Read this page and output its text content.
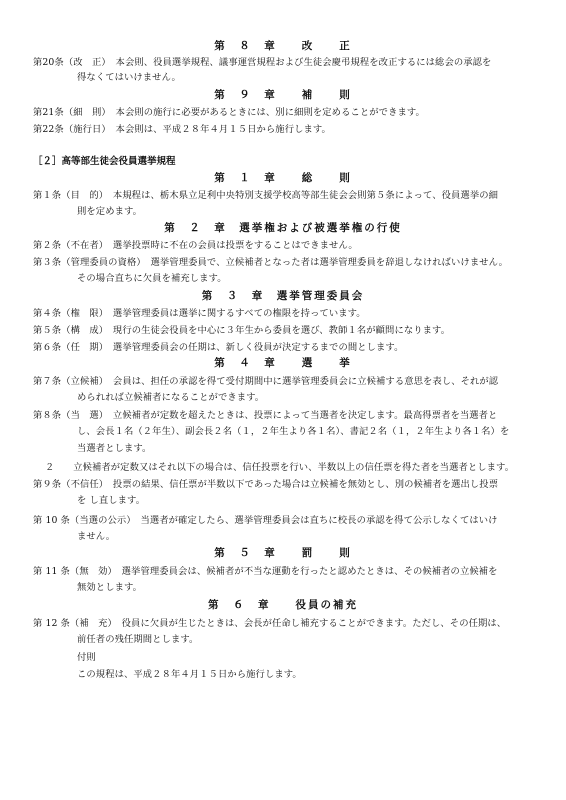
第　８　章　　改　　正
第20条（改　正）　本会則、役員選挙規程、議事運営規程および生徒会慶弔規程を改正するには総会の承認を
得なくてはいけません。
第　９　章　　補　　則
第21条（細　則）　本会則の施行に必要があるときには、別に細則を定めることができます。
第22条（施行日）　本会則は、平成２８年４月１５日から施行します。
［２］高等部生徒会役員選挙規程
第　１　章　　総　　則
第１条（目　的）　本規程は、栃木県立足利中央特別支援学校高等部生徒会会則第５条によって、役員選挙の細
則を定めます。
第　２　章　選挙権および被選挙権の行使
第２条（不在者）　選挙投票時に不在の会員は投票をすることはできません。
第３条（管理委員の資格）　選挙管理委員で、立候補者となった者は選挙管理委員を辞退しなければいけません。
その場合直ちに欠員を補充します。
第　３　章　選挙管理委員会
第４条（権　限）　選挙管理委員は選挙に関するすべての権限を持っています。
第５条（構　成）　現行の生徒会役員を中心に３年生から委員を選び、教師１名が顧問になります。
第６条（任　期）　選挙管理委員会の任期は、新しく役員が決定するまでの間とします。
第　４　章　　選　　挙
第７条（立候補）　会員は、担任の承認を得て受付期間中に選挙管理委員会に立候補する意思を表し、それが認
められれば立候補者になることができます。
第８条（当　選）　立候補者が定数を超えたときは、投票によって当選者を決定します。最高得票者を当選者と
し、会長１名（２年生）、副会長２名（１，２年生より各１名）、書記２名（１，２年生より各１名）を
当選者とします。
２　　立候補者が定数又はそれ以下の場合は、信任投票を行い、半数以上の信任票を得た者を当選者とします。
第９条（不信任）　投票の結果、信任票が半数以下であった場合は立候補を無効とし、別の候補者を選出し投票
を し直します。
第 10 条（当選の公示）　当選者が確定したら、選挙管理委員会は直ちに校長の承認を得て公示しなくてはいけ
ません。
第　５　章　　罰　　則
第 11 条（無　効）　選挙管理委員会は、候補者が不当な運動を行ったと認めたときは、その候補者の立候補を
無効とします。
第　６　章　　役員の補充
第 12 条（補　充）　役員に欠員が生じたときは、会長が任命し補充することができます。ただし、その任期は、
前任者の残任期間とします。
付則
この規程は、平成２８年４月１５日から施行します。
